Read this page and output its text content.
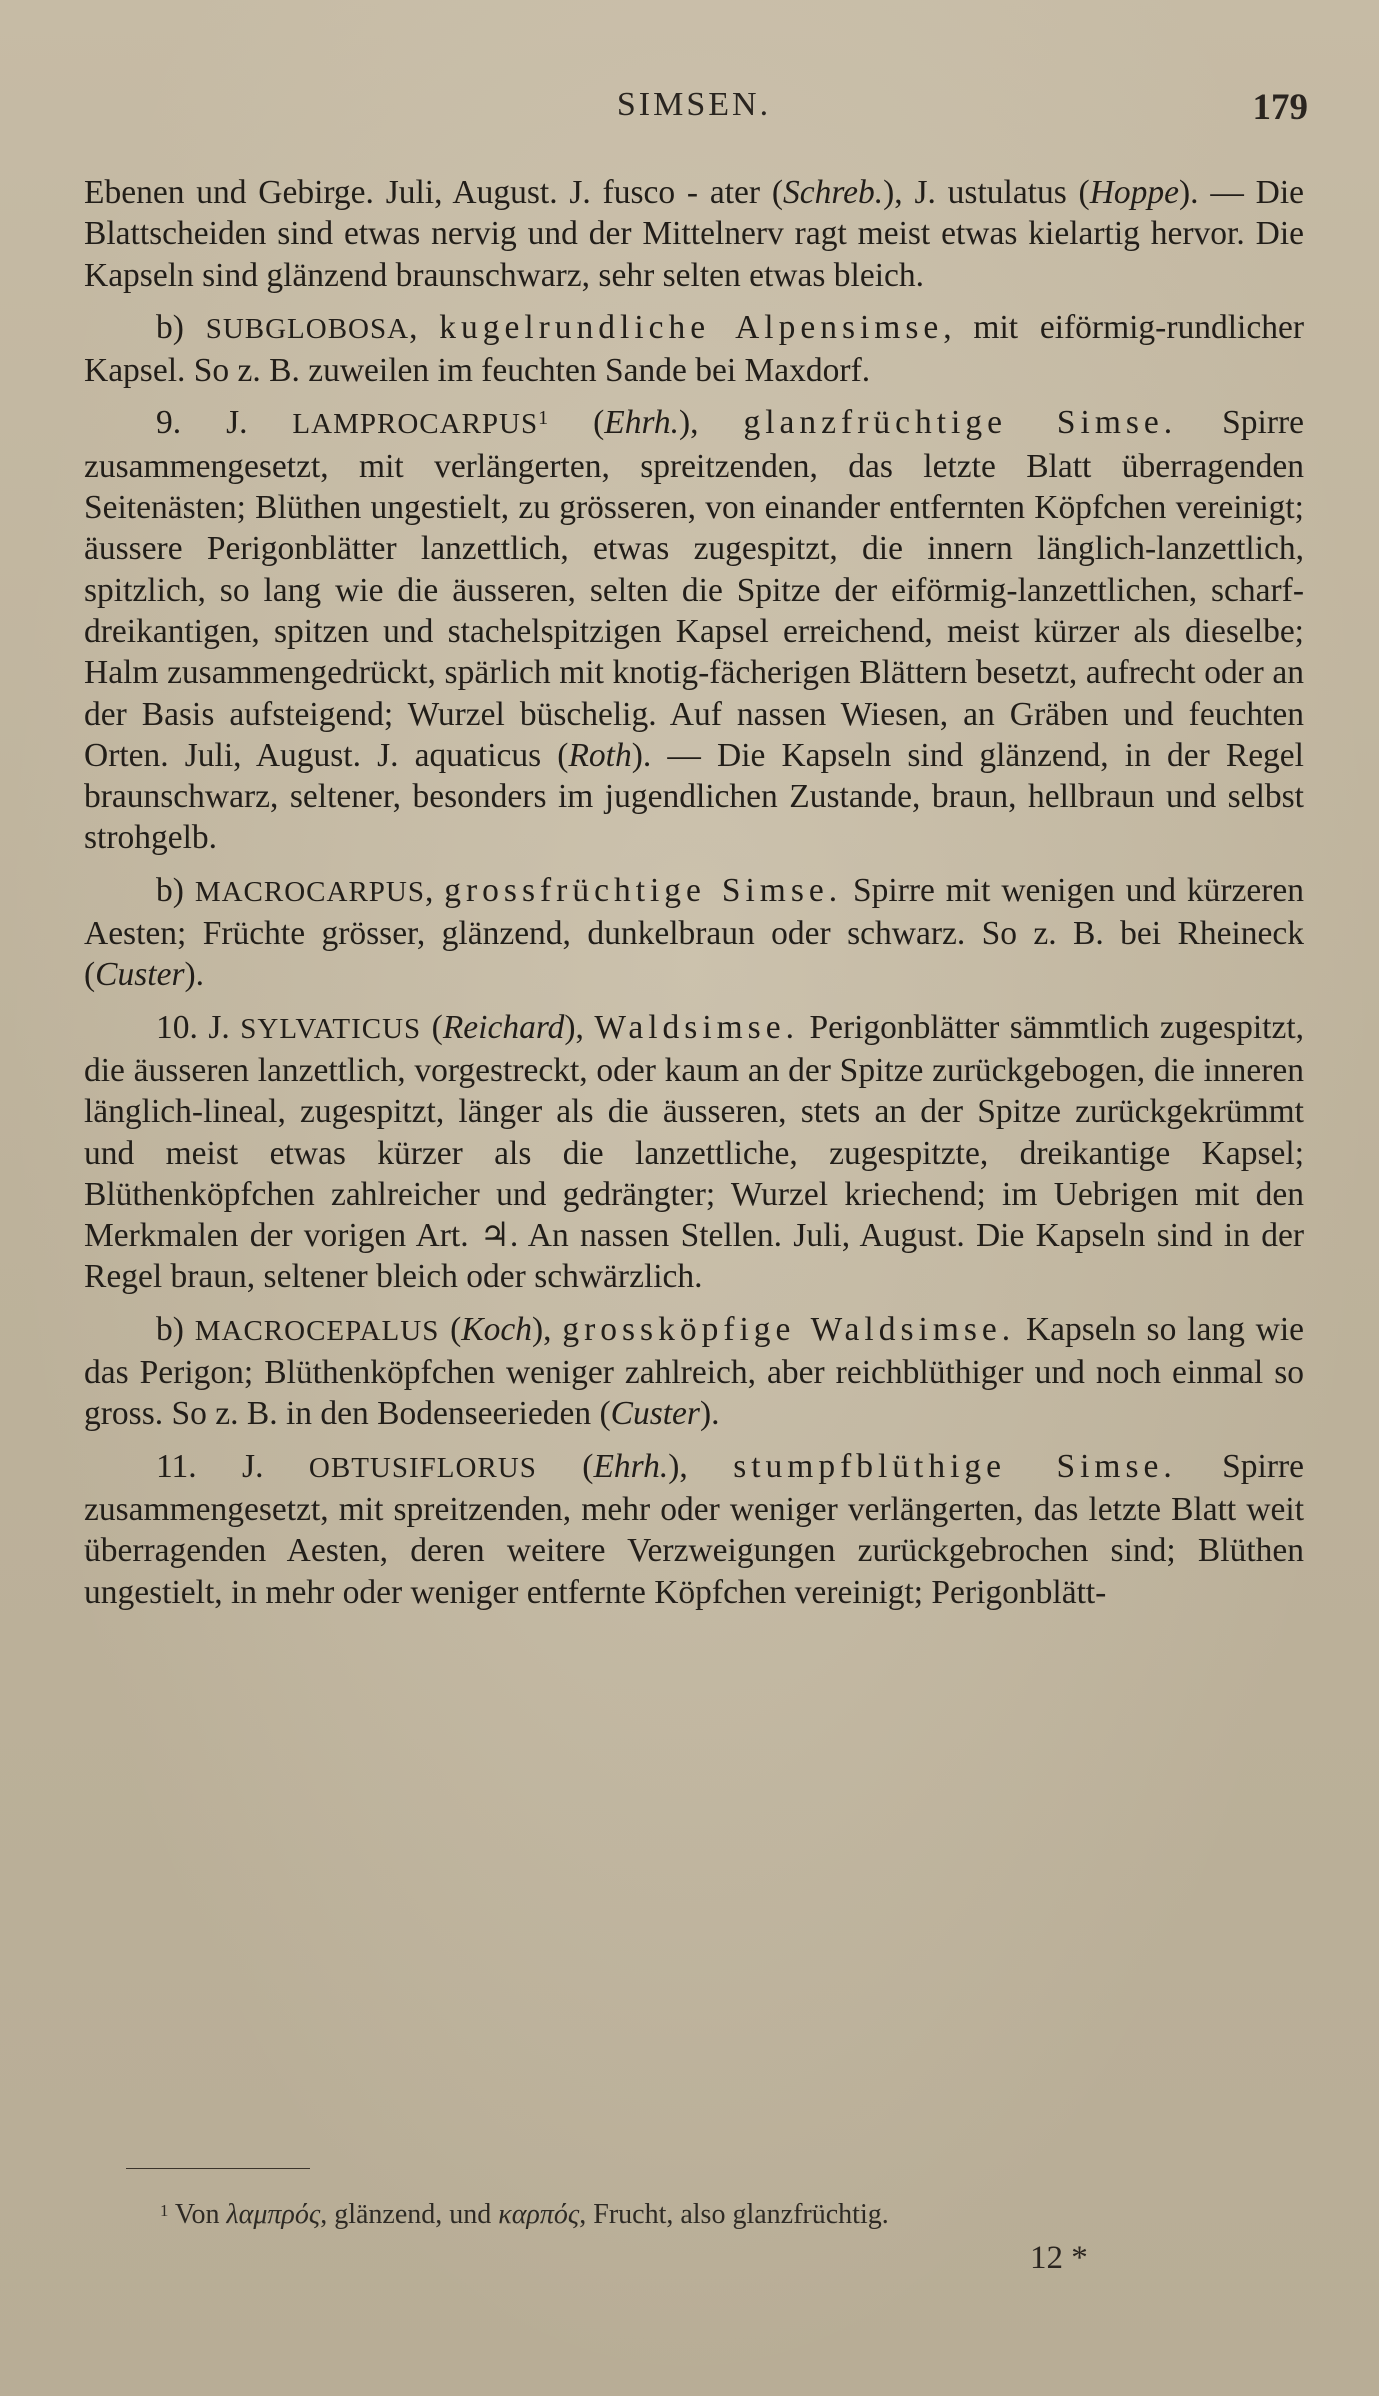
SIMSEN.	179

Ebenen und Gebirge. Juli, August. J. fusco - ater (Schreb.), J. ustulatus (Hoppe). — Die Blattscheiden sind etwas nervig und der Mittelnerv ragt meist etwas kielartig hervor. Die Kapseln sind glänzend braunschwarz, sehr selten etwas bleich.

b) SUBGLOBOSA, kugelrundliche Alpensimse, mit eiförmig-rundlicher Kapsel. So z. B. zuweilen im feuchten Sande bei Maxdorf.

9. J. LAMPROCARPUS$^1$ (Ehrh.), glanzfrüchtige Simse. Spirre zusammengesetzt, mit verlängerten, spreitzenden, das letzte Blatt überragenden Seitenästen; Blüthen ungestielt, zu grösseren, von einander entfernten Köpfchen vereinigt; äussere Perigonblätter lanzettlich, etwas zugespitzt, die innern länglich-lanzettlich, spitzlich, so lang wie die äusseren, selten die Spitze der eiförmig-lanzettlichen, scharf-dreikantigen, spitzen und stachelspitzigen Kapsel erreichend, meist kürzer als dieselbe; Halm zusammengedrückt, spärlich mit knotig-fächerigen Blättern besetzt, aufrecht oder an der Basis aufsteigend; Wurzel büschelig. Auf nassen Wiesen, an Gräben und feuchten Orten. Juli, August. J. aquaticus (Roth). — Die Kapseln sind glänzend, in der Regel braunschwarz, seltener, besonders im jugendlichen Zustande, braun, hellbraun und selbst strohgelb.

b) MACROCARPUS, grossfrüchtige Simse. Spirre mit wenigen und kürzeren Aesten; Früchte grösser, glänzend, dunkelbraun oder schwarz. So z. B. bei Rheineck (Custer).

10. J. SYLVATICUS (Reichard), Waldsimse. Perigonblätter sämmtlich zugespitzt, die äusseren lanzettlich, vorgestreckt, oder kaum an der Spitze zurückgebogen, die inneren länglich-lineal, zugespitzt, länger als die äusseren, stets an der Spitze zurückgekrümmt und meist etwas kürzer als die lanzettliche, zugespitzte, dreikantige Kapsel; Blüthenköpfchen zahlreicher und gedrängter; Wurzel kriechend; im Uebrigen mit den Merkmalen der vorigen Art. ♃. An nassen Stellen. Juli, August. Die Kapseln sind in der Regel braun, seltener bleich oder schwärzlich.

b) MACROCEPALUS (Koch), grossköpfige Waldsimse. Kapseln so lang wie das Perigon; Blüthenköpfchen weniger zahlreich, aber reichblüthiger und noch einmal so gross. So z. B. in den Bodenseerieden (Custer).

11. J. OBTUSIFLORUS (Ehrh.), stumpfblüthige Simse. Spirre zusammengesetzt, mit spreitzenden, mehr oder weniger verlängerten, das letzte Blatt weit überragenden Aesten, deren weitere Verzweigungen zurückgebrochen sind; Blüthen ungestielt, in mehr oder weniger entfernte Köpfchen vereinigt; Perigonblätt-

$^1$ Von λαμπρός, glänzend, und καρπός, Frucht, also glanzfrüchtig.
12 *
